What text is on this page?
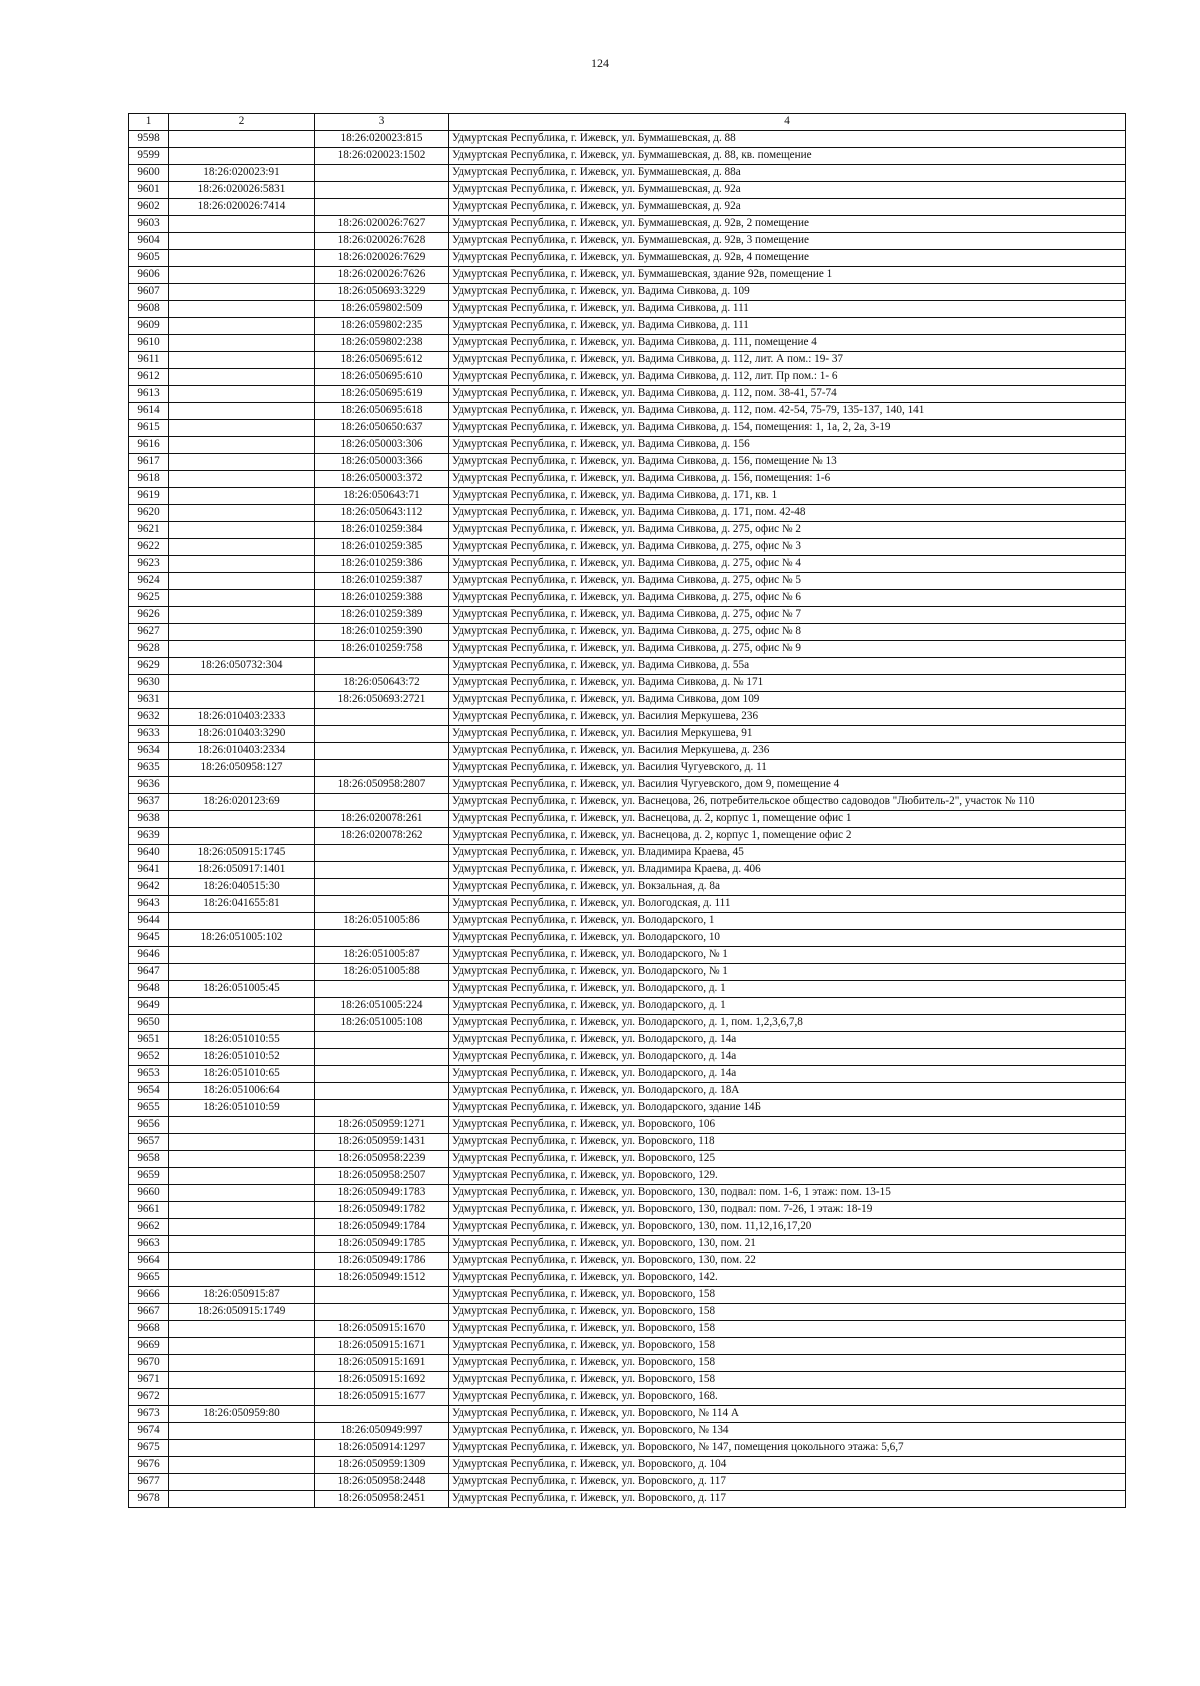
124
1	2	3	4
9598		18:26:020023:815	Удмуртская Республика, г. Ижевск, ул. Буммашевская, д. 88
9599		18:26:020023:1502	Удмуртская Республика, г. Ижевск, ул. Буммашевская, д. 88, кв. помещение
9600	18:26:020023:91		Удмуртская Республика, г. Ижевск, ул. Буммашевская, д. 88а
9601	18:26:020026:5831		Удмуртская Республика, г. Ижевск, ул. Буммашевская, д. 92а
9602	18:26:020026:7414		Удмуртская Республика, г. Ижевск, ул. Буммашевская, д. 92а
9603		18:26:020026:7627	Удмуртская Республика, г. Ижевск, ул. Буммашевская, д. 92в, 2 помещение
9604		18:26:020026:7628	Удмуртская Республика, г. Ижевск, ул. Буммашевская, д. 92в, 3 помещение
9605		18:26:020026:7629	Удмуртская Республика, г. Ижевск, ул. Буммашевская, д. 92в, 4 помещение
9606		18:26:020026:7626	Удмуртская Республика, г. Ижевск, ул. Буммашевская, здание 92в, помещение 1
9607		18:26:050693:3229	Удмуртская Республика, г. Ижевск, ул. Вадима Сивкова, д. 109
9608		18:26:059802:509	Удмуртская Республика, г. Ижевск, ул. Вадима Сивкова, д. 111
9609		18:26:059802:235	Удмуртская Республика, г. Ижевск, ул. Вадима Сивкова, д. 111
9610		18:26:059802:238	Удмуртская Республика, г. Ижевск, ул. Вадима Сивкова, д. 111, помещение 4
9611		18:26:050695:612	Удмуртская Республика, г. Ижевск, ул. Вадима Сивкова, д. 112, лит. А пом.: 19- 37
9612		18:26:050695:610	Удмуртская Республика, г. Ижевск, ул. Вадима Сивкова, д. 112, лит. Пр пом.: 1- 6
9613		18:26:050695:619	Удмуртская Республика, г. Ижевск, ул. Вадима Сивкова, д. 112, пом. 38-41, 57-74
9614		18:26:050695:618	Удмуртская Республика, г. Ижевск, ул. Вадима Сивкова, д. 112, пом. 42-54, 75-79, 135-137, 140, 141
9615		18:26:050650:637	Удмуртская Республика, г. Ижевск, ул. Вадима Сивкова, д. 154, помещения: 1, 1а, 2, 2а, 3-19
9616		18:26:050003:306	Удмуртская Республика, г. Ижевск, ул. Вадима Сивкова, д. 156
9617		18:26:050003:366	Удмуртская Республика, г. Ижевск, ул. Вадима Сивкова, д. 156, помещение № 13
9618		18:26:050003:372	Удмуртская Республика, г. Ижевск, ул. Вадима Сивкова, д. 156, помещения: 1-6
9619		18:26:050643:71	Удмуртская Республика, г. Ижевск, ул. Вадима Сивкова, д. 171, кв. 1
9620		18:26:050643:112	Удмуртская Республика, г. Ижевск, ул. Вадима Сивкова, д. 171, пом. 42-48
9621		18:26:010259:384	Удмуртская Республика, г. Ижевск, ул. Вадима Сивкова, д. 275, офис № 2
9622		18:26:010259:385	Удмуртская Республика, г. Ижевск, ул. Вадима Сивкова, д. 275, офис № 3
9623		18:26:010259:386	Удмуртская Республика, г. Ижевск, ул. Вадима Сивкова, д. 275, офис № 4
9624		18:26:010259:387	Удмуртская Республика, г. Ижевск, ул. Вадима Сивкова, д. 275, офис № 5
9625		18:26:010259:388	Удмуртская Республика, г. Ижевск, ул. Вадима Сивкова, д. 275, офис № 6
9626		18:26:010259:389	Удмуртская Республика, г. Ижевск, ул. Вадима Сивкова, д. 275, офис № 7
9627		18:26:010259:390	Удмуртская Республика, г. Ижевск, ул. Вадима Сивкова, д. 275, офис № 8
9628		18:26:010259:758	Удмуртская Республика, г. Ижевск, ул. Вадима Сивкова, д. 275, офис № 9
9629	18:26:050732:304		Удмуртская Республика, г. Ижевск, ул. Вадима Сивкова, д. 55а
9630		18:26:050643:72	Удмуртская Республика, г. Ижевск, ул. Вадима Сивкова, д. № 171
9631		18:26:050693:2721	Удмуртская Республика, г. Ижевск, ул. Вадима Сивкова, дом 109
9632	18:26:010403:2333		Удмуртская Республика, г. Ижевск, ул. Василия Меркушева, 236
9633	18:26:010403:3290		Удмуртская Республика, г. Ижевск, ул. Василия Меркушева, 91
9634	18:26:010403:2334		Удмуртская Республика, г. Ижевск, ул. Василия Меркушева, д. 236
9635	18:26:050958:127		Удмуртская Республика, г. Ижевск, ул. Василия Чугуевского, д. 11
9636		18:26:050958:2807	Удмуртская Республика, г. Ижевск, ул. Василия Чугуевского, дом 9, помещение 4
9637	18:26:020123:69		Удмуртская Республика, г. Ижевск, ул. Васнецова, 26, потребительское общество садоводов "Любитель-2", участок № 110
9638		18:26:020078:261	Удмуртская Республика, г. Ижевск, ул. Васнецова, д. 2, корпус 1, помещение офис 1
9639		18:26:020078:262	Удмуртская Республика, г. Ижевск, ул. Васнецова, д. 2, корпус 1, помещение офис 2
9640	18:26:050915:1745		Удмуртская Республика, г. Ижевск, ул. Владимира Краева, 45
9641	18:26:050917:1401		Удмуртская Республика, г. Ижевск, ул. Владимира Краева, д. 406
9642	18:26:040515:30		Удмуртская Республика, г. Ижевск, ул. Вокзальная, д. 8а
9643	18:26:041655:81		Удмуртская Республика, г. Ижевск, ул. Вологодская, д. 111
9644		18:26:051005:86	Удмуртская Республика, г. Ижевск, ул. Володарского, 1
9645	18:26:051005:102		Удмуртская Республика, г. Ижевск, ул. Володарского, 10
9646		18:26:051005:87	Удмуртская Республика, г. Ижевск, ул. Володарского, № 1
9647		18:26:051005:88	Удмуртская Республика, г. Ижевск, ул. Володарского, № 1
9648	18:26:051005:45		Удмуртская Республика, г. Ижевск, ул. Володарского, д. 1
9649		18:26:051005:224	Удмуртская Республика, г. Ижевск, ул. Володарского, д. 1
9650		18:26:051005:108	Удмуртская Республика, г. Ижевск, ул. Володарского, д. 1, пом. 1,2,3,6,7,8
9651	18:26:051010:55		Удмуртская Республика, г. Ижевск, ул. Володарского, д. 14а
9652	18:26:051010:52		Удмуртская Республика, г. Ижевск, ул. Володарского, д. 14а
9653	18:26:051010:65		Удмуртская Республика, г. Ижевск, ул. Володарского, д. 14а
9654	18:26:051006:64		Удмуртская Республика, г. Ижевск, ул. Володарского, д. 18А
9655	18:26:051010:59		Удмуртская Республика, г. Ижевск, ул. Володарского, здание 14Б
9656		18:26:050959:1271	Удмуртская Республика, г. Ижевск, ул. Воровского, 106
9657		18:26:050959:1431	Удмуртская Республика, г. Ижевск, ул. Воровского, 118
9658		18:26:050958:2239	Удмуртская Республика, г. Ижевск, ул. Воровского, 125
9659		18:26:050958:2507	Удмуртская Республика, г. Ижевск, ул. Воровского, 129.
9660		18:26:050949:1783	Удмуртская Республика, г. Ижевск, ул. Воровского, 130, подвал: пом. 1-6, 1 этаж: пом. 13-15
9661		18:26:050949:1782	Удмуртская Республика, г. Ижевск, ул. Воровского, 130, подвал: пом. 7-26, 1 этаж: 18-19
9662		18:26:050949:1784	Удмуртская Республика, г. Ижевск, ул. Воровского, 130, пом. 11,12,16,17,20
9663		18:26:050949:1785	Удмуртская Республика, г. Ижевск, ул. Воровского, 130, пом. 21
9664		18:26:050949:1786	Удмуртская Республика, г. Ижевск, ул. Воровского, 130, пом. 22
9665		18:26:050949:1512	Удмуртская Республика, г. Ижевск, ул. Воровского, 142.
9666	18:26:050915:87		Удмуртская Республика, г. Ижевск, ул. Воровского, 158
9667	18:26:050915:1749		Удмуртская Республика, г. Ижевск, ул. Воровского, 158
9668		18:26:050915:1670	Удмуртская Республика, г. Ижевск, ул. Воровского, 158
9669		18:26:050915:1671	Удмуртская Республика, г. Ижевск, ул. Воровского, 158
9670		18:26:050915:1691	Удмуртская Республика, г. Ижевск, ул. Воровского, 158
9671		18:26:050915:1692	Удмуртская Республика, г. Ижевск, ул. Воровского, 158
9672		18:26:050915:1677	Удмуртская Республика, г. Ижевск, ул. Воровского, 168.
9673	18:26:050959:80		Удмуртская Республика, г. Ижевск, ул. Воровского, № 114 А
9674		18:26:050949:997	Удмуртская Республика, г. Ижевск, ул. Воровского, № 134
9675		18:26:050914:1297	Удмуртская Республика, г. Ижевск, ул. Воровского, № 147, помещения цокольного этажа: 5,6,7
9676		18:26:050959:1309	Удмуртская Республика, г. Ижевск, ул. Воровского, д. 104
9677		18:26:050958:2448	Удмуртская Республика, г. Ижевск, ул. Воровского, д. 117
9678		18:26:050958:2451	Удмуртская Республика, г. Ижевск, ул. Воровского, д. 117
